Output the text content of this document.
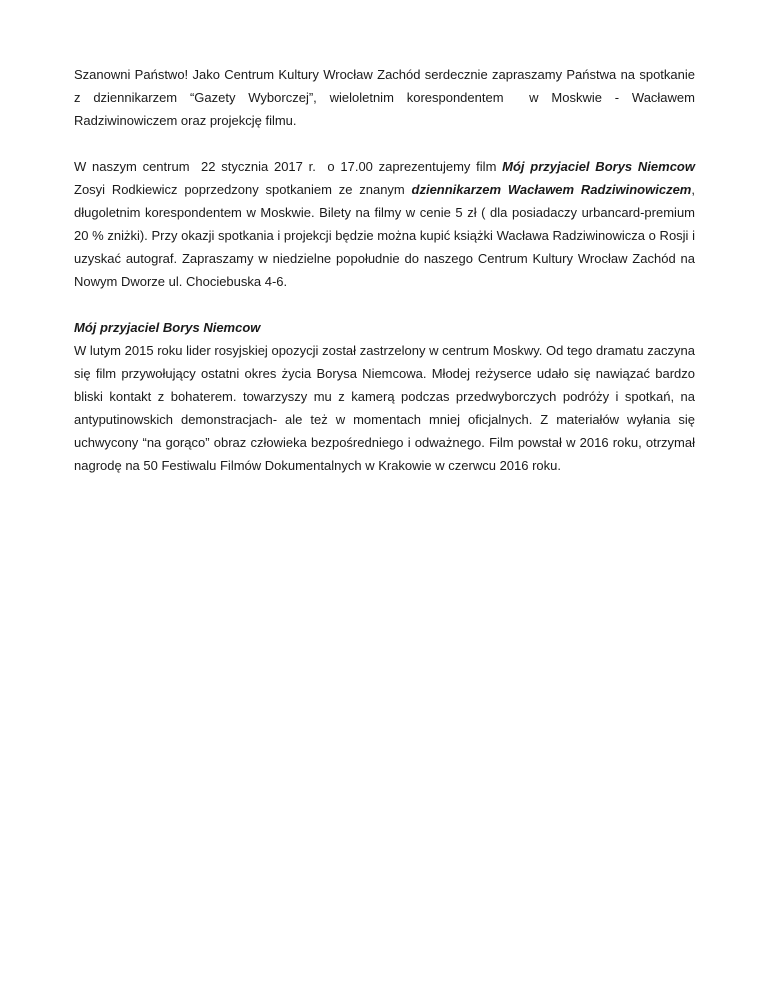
Szanowni Państwo! Jako Centrum Kultury Wrocław Zachód serdecznie zapraszamy Państwa na spotkanie z dziennikarzem “Gazety Wyborczej”, wieloletnim korespondentem  w Moskwie - Wacławem Radziwinowiczem oraz projekcję filmu.

W naszym centrum  22 stycznia 2017 r.  o 17.00 zaprezentujemy film Mój przyjaciel Borys Niemcow  Zosyi Rodkiewicz poprzedzony spotkaniem ze znanym dziennikarzem Wacławem Radziwinowiczem, długoletnim korespondentem w Moskwie. Bilety na filmy w cenie 5 zł ( dla posiadaczy urbancard-premium 20 % zniżki). Przy okazji spotkania i projekcji będzie można kupić książki Wacława Radziwinowicza o Rosji i uzyskać autograf. Zapraszamy w niedzielne popołudnie do naszego Centrum Kultury Wrocław Zachód na Nowym Dworze ul. Chociebuska 4-6.

Mój przyjaciel Borys Niemcow

W lutym 2015 roku lider rosyjskiej opozycji został zastrzelony w centrum Moskwy. Od tego dramatu zaczyna się film przywołujący ostatni okres życia Borysa Niemcowa. Młodej reżyserce udało się nawiązać bardzo bliski kontakt z bohaterem. towarzyszy mu z kamerą podczas przedwyborczych podróży i spotkań, na antyputinowskich demonstracjach- ale też w momentach mniej oficjalnych. Z materiałów wyłania się uchwycony “na gorąco” obraz człowieka bezpośredniego i odważnego. Film powstał w 2016 roku, otrzymał nagrodę na 50 Festiwalu Filmów Dokumentalnych w Krakowie w czerwcu 2016 roku.
